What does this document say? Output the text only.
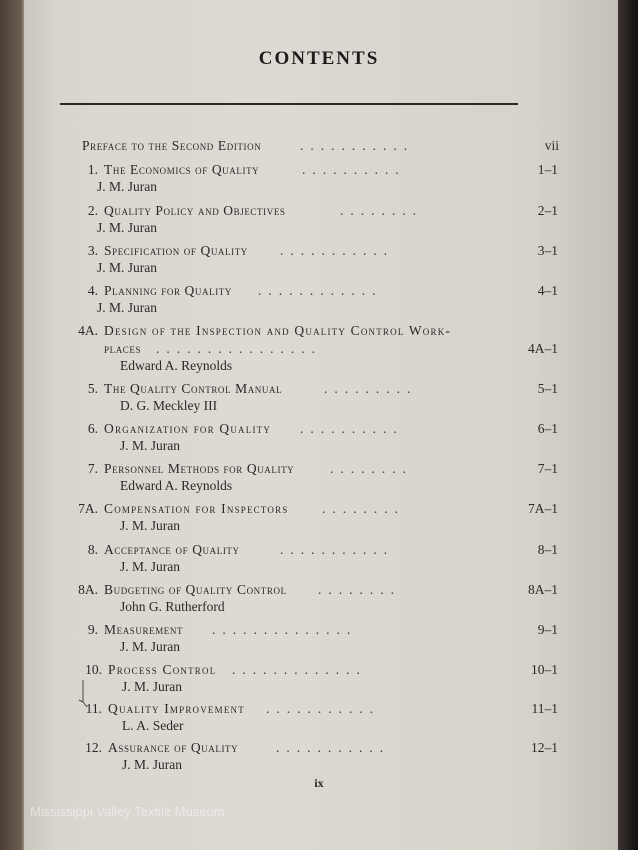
CONTENTS
Preface to the Second Edition	...........	vii
1. The Economics of Quality	..........	1–1
J. M. Juran
2. Quality Policy and Objectives	........	2–1
J. M. Juran
3. Specification of Quality ...........	3–1
J. M. Juran
4. Planning for Quality ............	4–1
J. M. Juran
4A. Design of the Inspection and Quality Control Work-
places ................	4A–1
Edward A. Reynolds
5. The Quality Control Manual	.........	5–1
D. G. Meckley III
6. Organization for Quality ..........	6–1
J. M. Juran
7. Personnel Methods for Quality	........	7–1
Edward A. Reynolds
7A. Compensation for Inspectors ........	7A–1
J. M. Juran
8. Acceptance of Quality	...........	8–1
J. M. Juran
8A. Budgeting of Quality Control ........	8A–1
John G. Rutherford
9. Measurement ..............	9–1
J. M. Juran
10. Process Control .............	10–1
J. M. Juran
11. Quality Improvement ...........	11–1
L. A. Seder
12. Assurance of Quality	...........	12–1
J. M. Juran
ix
Mississippi Valley Textile Museum
